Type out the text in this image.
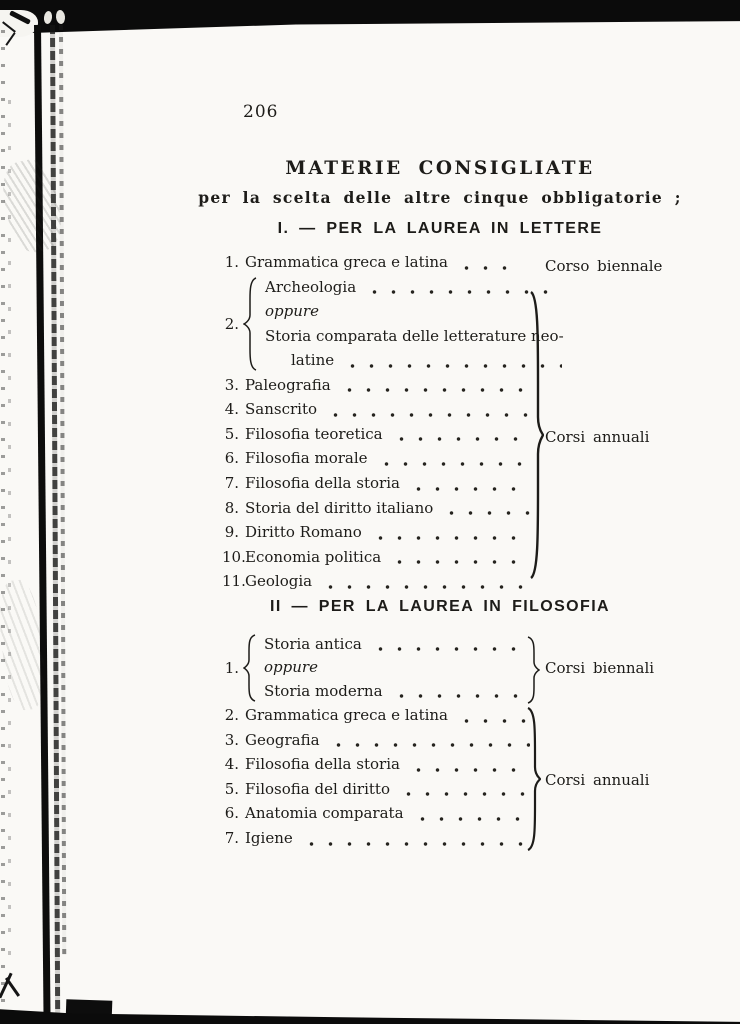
206
MATERIE CONSIGLIATE
per la scelta delle altre cinque obbligatorie ;
I. — PER LA LAUREA IN LETTERE
II — PER LA LAUREA IN FILOSOFIA
1. Grammatica greca e latina
2.
Archeologia
oppure
Storia comparata delle letterature neo-
latine
3. Paleografia
4. Sanscrito
5. Filosofia teoretica
6. Filosofia morale
7. Filosofia della storia
8. Storia del diritto italiano
9. Diritto Romano
10. Economia politica
11. Geologia
Corso biennale
Corsi annuali
1.
Storia antica
oppure
Storia moderna
2. Grammatica greca e latina
3. Geografia
4. Filosofia della storia
5. Filosofia del diritto
6. Anatomia comparata
7. Igiene
Corsi biennali
Corsi annuali
